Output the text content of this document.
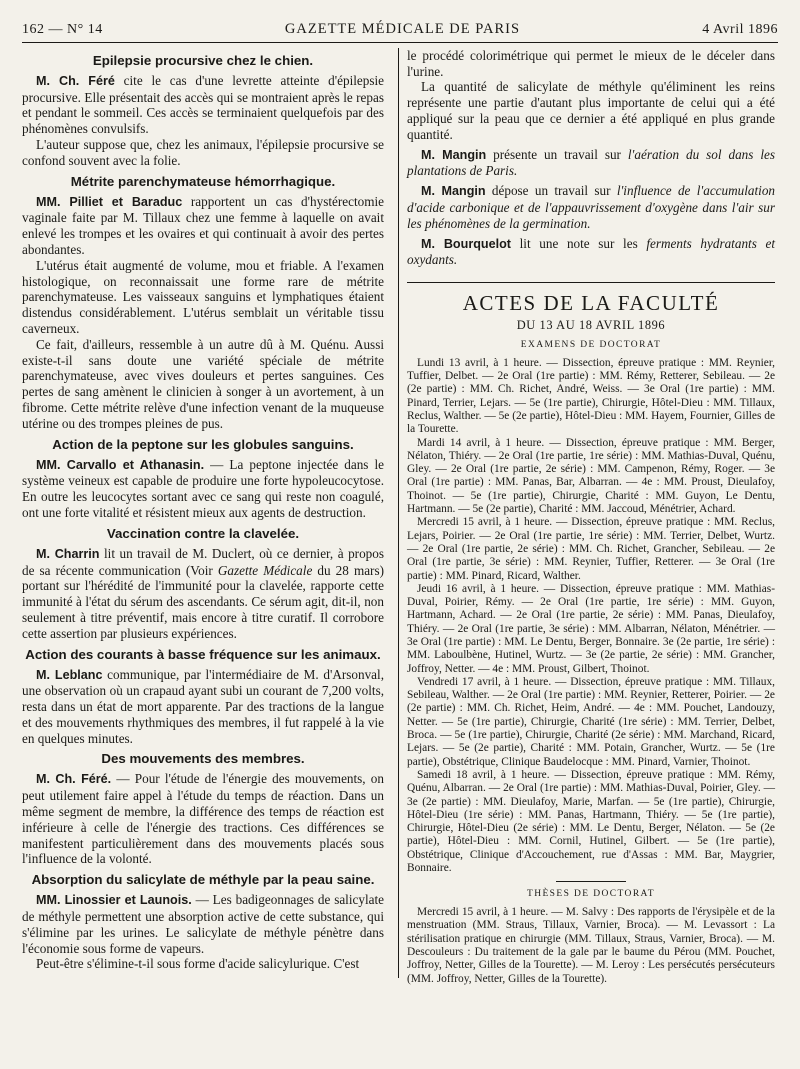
162 — N° 14	GAZETTE MÉDICALE DE PARIS	4 Avril 1896
Epilepsie procursive chez le chien.

M. Ch. Féré cite le cas d'une levrette atteinte d'épilepsie procursive. Elle présentait des accès qui se montraient après le repas et pendant le sommeil. Ces accès se terminaient quelquefois par des phénomènes convulsifs.

L'auteur suppose que, chez les animaux, l'épilepsie procursive se confond souvent avec la folie.

Métrite parenchymateuse hémorrhagique.

MM. Pilliet et Baraduc rapportent un cas d'hystérectomie vaginale faite par M. Tillaux chez une femme à laquelle on avait enlevé les trompes et les ovaires et qui continuait à avoir des pertes abondantes.

L'utérus était augmenté de volume, mou et friable. A l'examen histologique, on reconnaissait une forme rare de métrite parenchymateuse. Les vaisseaux sanguins et lymphatiques étaient distendus considérablement. L'utérus semblait un véritable tissu caverneux.

Ce fait, d'ailleurs, ressemble à un autre dû à M. Quénu. Aussi existe-t-il sans doute une variété spéciale de métrite parenchymateuse, avec vives douleurs et pertes sanguines. Ces pertes de sang amènent le clinicien à songer à un avortement, à un fibrome. Cette métrite relève d'une infection venant de la muqueuse utérine ou des trompes pleines de pus.

Action de la peptone sur les globules sanguins.

MM. Carvallo et Athanasin. — La peptone injectée dans le système veineux est capable de produire une forte hypoleucocytose. En outre les leucocytes sortant avec ce sang qui reste non coagulé, ont une forte vitalité et résistent mieux aux agents de destruction.

Vaccination contre la clavelée.

M. Charrin lit un travail de M. Duclert, où ce dernier, à propos de sa récente communication (Voir Gazette Médicale du 28 mars) portant sur l'hérédité de l'immunité pour la clavelée, rapporte cette immunité à l'état du sérum des ascendants. Ce sérum agit, dit-il, non seulement à titre préventif, mais encore à titre curatif. Il corrobore cette assertion par plusieurs expériences.

Action des courants à basse fréquence sur les animaux.

M. Leblanc communique, par l'intermédiaire de M. d'Arsonval, une observation où un crapaud ayant subi un courant de 7,200 volts, resta dans un état de mort apparente. Par des tractions de la langue et des mouvements rhythmiques des membres, il fut rappelé à la vie en quelques minutes.

Des mouvements des membres.

M. Ch. Féré. — Pour l'étude de l'énergie des mouvements, on peut utilement faire appel à l'étude du temps de réaction. Dans un même segment de membre, la différence des temps de réaction est inférieure à celle de l'énergie des tractions. Ces différences se manifestent particulièrement dans des mouvements placés sous l'influence de la volonté.

Absorption du salicylate de méthyle par la peau saine.

MM. Linossier et Launois. — Les badigeonnages de salicylate de méthyle permettent une absorption active de cette substance, qui s'élimine par les urines. Le salicylate de méthyle pénètre dans l'économie sous forme de vapeurs.

Peut-être s'élimine-t-il sous forme d'acide salicylurique. C'est

le procédé colorimétrique qui permet le mieux de le déceler dans l'urine.

La quantité de salicylate de méthyle qu'éliminent les reins représente une partie d'autant plus importante de celui qui a été appliqué sur la peau que ce dernier a été appliqué en plus grande quantité.

M. Mangin présente un travail sur l'aération du sol dans les plantations de Paris.

M. Mangin dépose un travail sur l'influence de l'accumulation d'acide carbonique et de l'appauvrissement d'oxygène dans l'air sur les phénomènes de la germination.

M. Bourquelot lit une note sur les ferments hydratants et oxydants.

ACTES DE LA FACULTÉ
DU 13 AU 18 AVRIL 1896
EXAMENS DE DOCTORAT

Lundi 13 avril, à 1 heure. — Dissection, épreuve pratique : MM. Reynier, Tuffier, Delbet. — 2e Oral (1re partie) : MM. Rémy, Retterer, Sebileau. — 2e (2e partie) : MM. Ch. Richet, André, Weiss. — 3e Oral (1re partie) : MM. Pinard, Terrier, Lejars. — 5e (1re partie), Chirurgie, Hôtel-Dieu : MM. Tillaux, Reclus, Walther. — 5e (2e partie), Hôtel-Dieu : MM. Hayem, Fournier, Gilles de la Tourette.

Mardi 14 avril, à 1 heure. — Dissection, épreuve pratique : MM. Berger, Nélaton, Thiéry. — 2e Oral (1re partie, 1re série) : MM. Mathias-Duval, Quénu, Gley. — 2e Oral (1re partie, 2e série) : MM. Campenon, Rémy, Roger. — 3e Oral (1re partie) : MM. Panas, Bar, Albarran. — 4e : MM. Proust, Dieulafoy, Thoinot. — 5e (1re partie), Chirurgie, Charité : MM. Guyon, Le Dentu, Hartmann. — 5e (2e partie), Charité : MM. Jaccoud, Ménétrier, Achard.

Mercredi 15 avril, à 1 heure. — Dissection, épreuve pratique : MM. Reclus, Lejars, Poirier. — 2e Oral (1re partie, 1re série) : MM. Terrier, Delbet, Wurtz. — 2e Oral (1re partie, 2e série) : MM. Ch. Richet, Grancher, Sebileau. — 2e Oral (1re partie, 3e série) : MM. Reynier, Tuffier, Retterer. — 3e Oral (1re partie) : MM. Pinard, Ricard, Walther.

Jeudi 16 avril, à 1 heure. — Dissection, épreuve pratique : MM. Mathias-Duval, Poirier, Rémy. — 2e Oral (1re partie, 1re série) : MM. Guyon, Hartmann, Achard. — 2e Oral (1re partie, 2e série) : MM. Panas, Dieulafoy, Thiéry. — 2e Oral (1re partie, 3e série) : MM. Albarran, Nélaton, Ménétrier. — 3e Oral (1re partie) : MM. Le Dentu, Berger, Bonnaire. 3e (2e partie, 1re série) : MM. Laboulbène, Hutinel, Wurtz. — 3e (2e partie, 2e série) : MM. Grancher, Joffroy, Netter. — 4e : MM. Proust, Gilbert, Thoinot.

Vendredi 17 avril, à 1 heure. — Dissection, épreuve pratique : MM. Tillaux, Sebileau, Walther. — 2e Oral (1re partie) : MM. Reynier, Retterer, Poirier. — 2e (2e partie) : MM. Ch. Richet, Heim, André. — 4e : MM. Pouchet, Landouzy, Netter. — 5e (1re partie), Chirurgie, Charité (1re série) : MM. Terrier, Delbet, Broca. — 5e (1re partie), Chirurgie, Charité (2e série) : MM. Marchand, Ricard, Lejars. — 5e (2e partie), Charité : MM. Potain, Grancher, Wurtz. — 5e (1re partie), Obstétrique, Clinique Baudelocque : MM. Pinard, Varnier, Thoinot.

Samedi 18 avril, à 1 heure. — Dissection, épreuve pratique : MM. Rémy, Quénu, Albarran. — 2e Oral (1re partie) : MM. Mathias-Duval, Poirier, Gley. — 3e (2e partie) : MM. Dieulafoy, Marie, Marfan. — 5e (1re partie), Chirurgie, Hôtel-Dieu (1re série) : MM. Panas, Hartmann, Thiéry. — 5e (1re partie), Chirurgie, Hôtel-Dieu (2e série) : MM. Le Dentu, Berger, Nélaton. — 5e (2e partie), Hôtel-Dieu : MM. Cornil, Hutinel, Gilbert. — 5e (1re partie), Obstétrique, Clinique d'Accouchement, rue d'Assas : MM. Bar, Maygrier, Bonnaire.

THÈSES DE DOCTORAT

Mercredi 15 avril, à 1 heure. — M. Salvy : Des rapports de l'érysipèle et de la menstruation (MM. Straus, Tillaux, Varnier, Broca). — M. Levassort : La stérilisation pratique en chirurgie (MM. Tillaux, Straus, Varnier, Broca). — M. Descouleurs : Du traitement de la gale par le baume du Pérou (MM. Pouchet, Joffroy, Netter, Gilles de la Tourette). — M. Leroy : Les persécutés persécuteurs (MM. Joffroy, Netter, Gilles de la Tourette).
